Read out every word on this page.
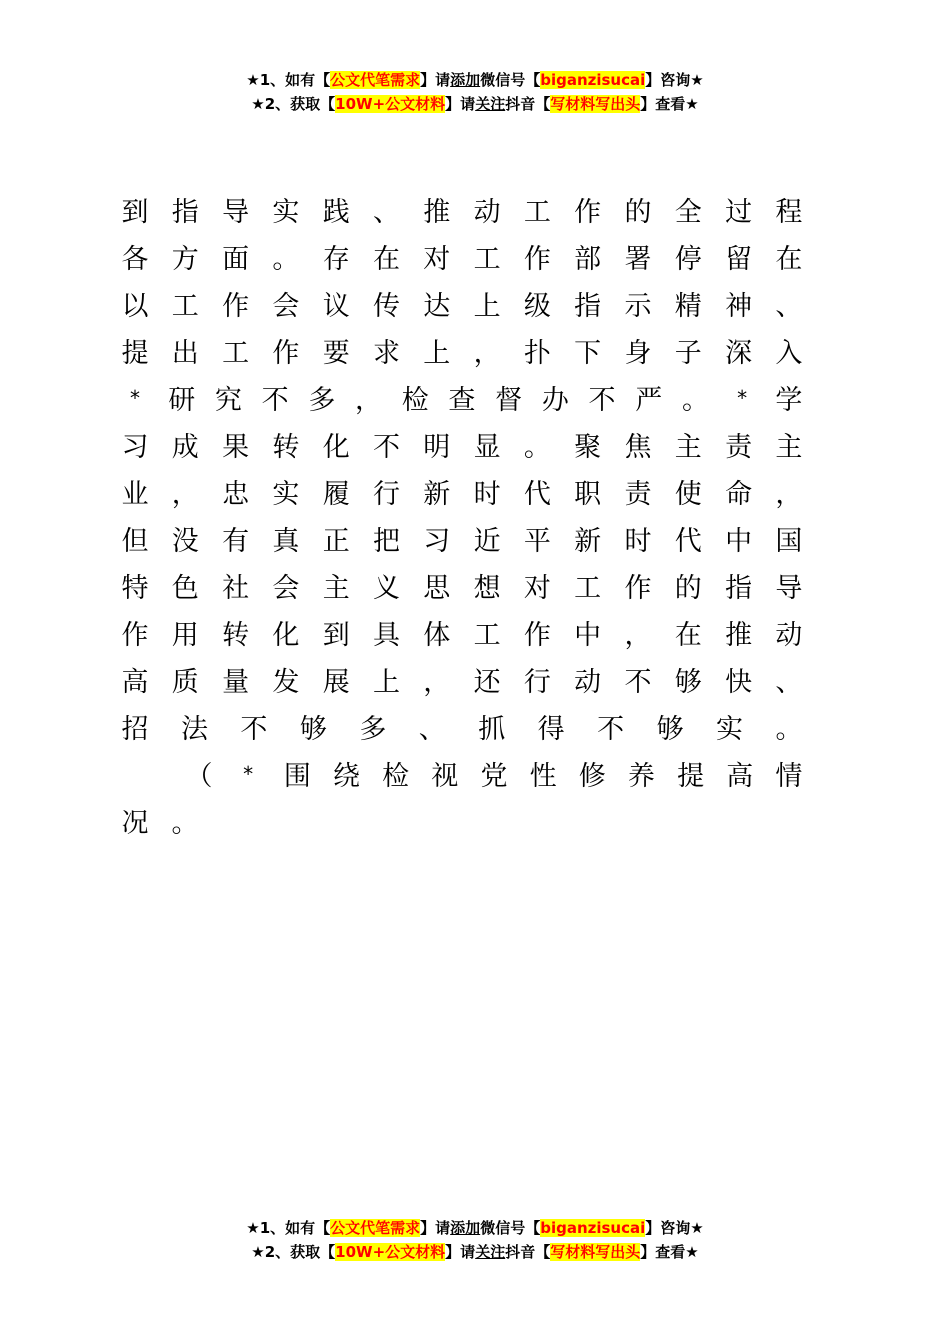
★1、如有【公文代笔需求】请添加微信号【biganzisucai】咨询★
★2、获取【10W+公文材料】请关注抖音【写材料写出头】查看★
到 指 导 实 践 、 推 动 工 作 的 全 过 程
各 方 面 。 存 在 对 工 作 部 署 停 留 在
以 工 作 会 议 传 达 上 级 指 示 精 神 、
提 出 工 作 要 求 上 ， 扑 下 身 子 深 入
*	研 究 不 多 ， 检 查 督 办 不 严 。	*	学
习 成 果 转 化 不 明 显 。 聚 焦 主 责 主
业 ， 忠 实 履 行 新 时 代 职 责 使 命 ，
但 没 有 真 正 把 习 近 平 新 时 代 中 国
特 色 社 会 主 义 思 想 对 工 作 的 指 导
作 用 转 化 到 具 体 工 作 中 ， 在 推 动
高 质 量 发 展 上 ， 还 行 动 不 够 快 、
招 法 不 够 多 、 抓 得 不 够 实 。
（	*	围 绕 检 视 党 性 修 养 提 高 情
况 。
★1、如有【公文代笔需求】请添加微信号【biganzisucai】咨询★
★2、获取【10W+公文材料】请关注抖音【写材料写出头】查看★
